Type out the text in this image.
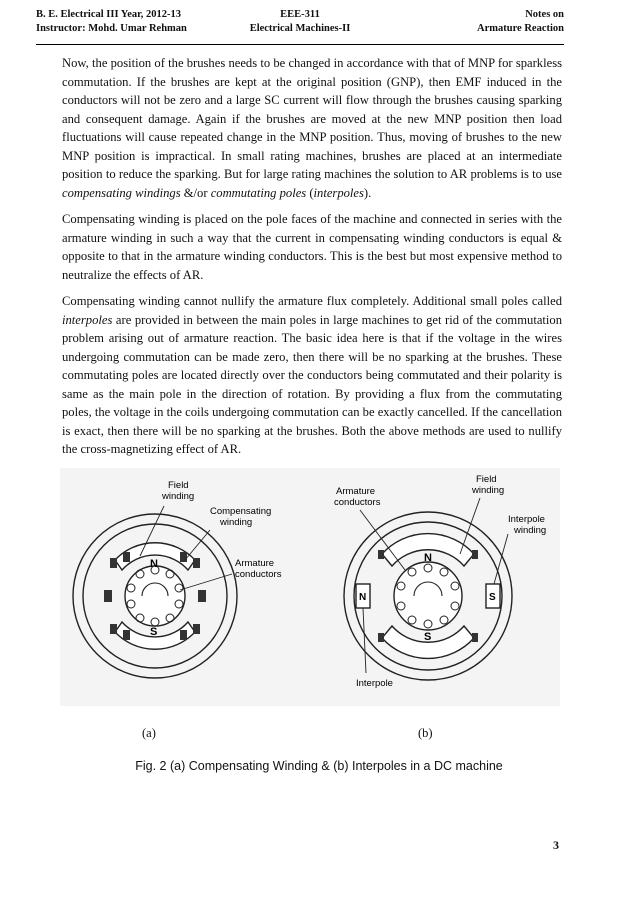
B. E. Electrical III Year, 2012-13
Instructor: Mohd. Umar Rehman
EEE-311
Electrical Machines-II
Notes on
Armature Reaction

Now, the position of the brushes needs to be changed in accordance with that of MNP for sparkless commutation. If the brushes are kept at the original position (GNP), then EMF induced in the conductors will not be zero and a large SC current will flow through the brushes causing sparking and consequent damage. Again if the brushes are moved at the new MNP position then load fluctuations will cause repeated change in the MNP position. Thus, moving of brushes to the new MNP position is impractical. In small rating machines, brushes are placed at an intermediate position to reduce the sparking. But for large rating machines the solution to AR problems is to use compensating windings &/or commutating poles (interpoles).

Compensating winding is placed on the pole faces of the machine and connected in series with the armature winding in such a way that the current in compensating winding conductors is equal & opposite to that in the armature winding conductors. This is the best but most expensive method to neutralize the effects of AR.

Compensating winding cannot nullify the armature flux completely. Additional small poles called interpoles are provided in between the main poles in large machines to get rid of the commutation problem arising out of armature reaction. The basic idea here is that if the voltage in the wires undergoing commutation can be made zero, then there will be no sparking at the brushes. These commutating poles are located directly over the conductors being commutated and their polarity is same as the main pole in the direction of rotation. By providing a flux from the commutating poles, the voltage in the coils undergoing commutation can be exactly cancelled. If the cancellation is exact, then there will be no sparking at the brushes. Both the above methods are used to nullify the cross-magnetizing effect of AR.

Field
winding
Compensating
winding
Armature
conductors
N
S
Armature
conductors
Field
winding
Interpole
winding
Interpole
N
S
N	S
(a)	(b)
Fig. 2 (a) Compensating Winding & (b) Interpoles in a DC machine
3
